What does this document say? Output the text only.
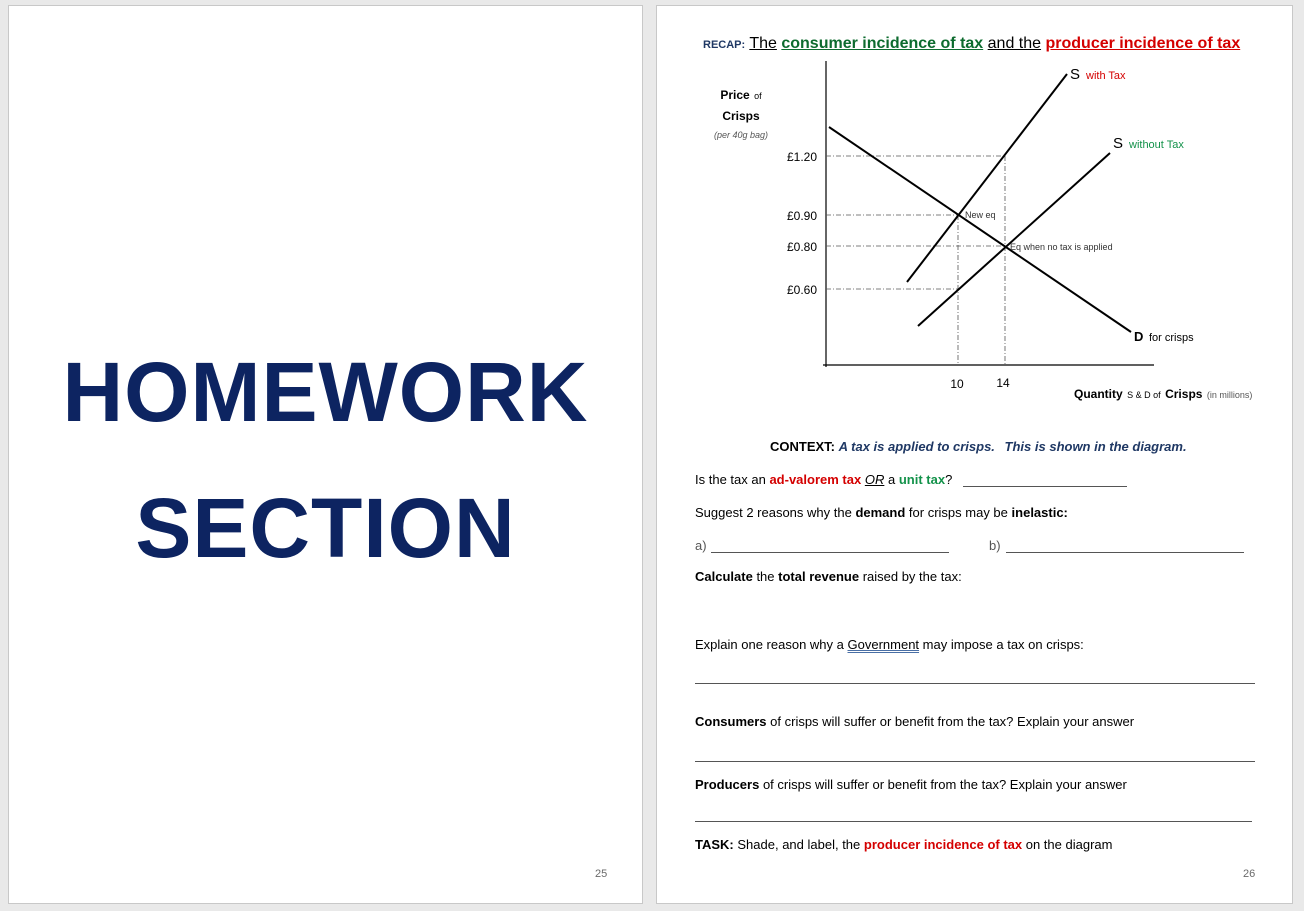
HOMEWORK
SECTION
25
RECAP: The consumer incidence of tax and the producer incidence of tax
£1.20
£0.90
£0.80
£0.60
10	14
Price of
Crisps
(per 40g bag)
Quantity S & D of Crisps (in millions)
S with Tax
S without Tax
D for crisps
New eq
Eq when no tax is applied
CONTEXT: A tax is applied to crisps. This is shown in the diagram.
Is the tax an ad-valorem tax OR a unit tax?
Suggest 2 reasons why the demand for crisps may be inelastic:
a)	b)
Calculate the total revenue raised by the tax:
Explain one reason why a Government may impose a tax on crisps:
Consumers of crisps will suffer or benefit from the tax? Explain your answer
Producers of crisps will suffer or benefit from the tax? Explain your answer
TASK: Shade, and label, the producer incidence of tax on the diagram
26
